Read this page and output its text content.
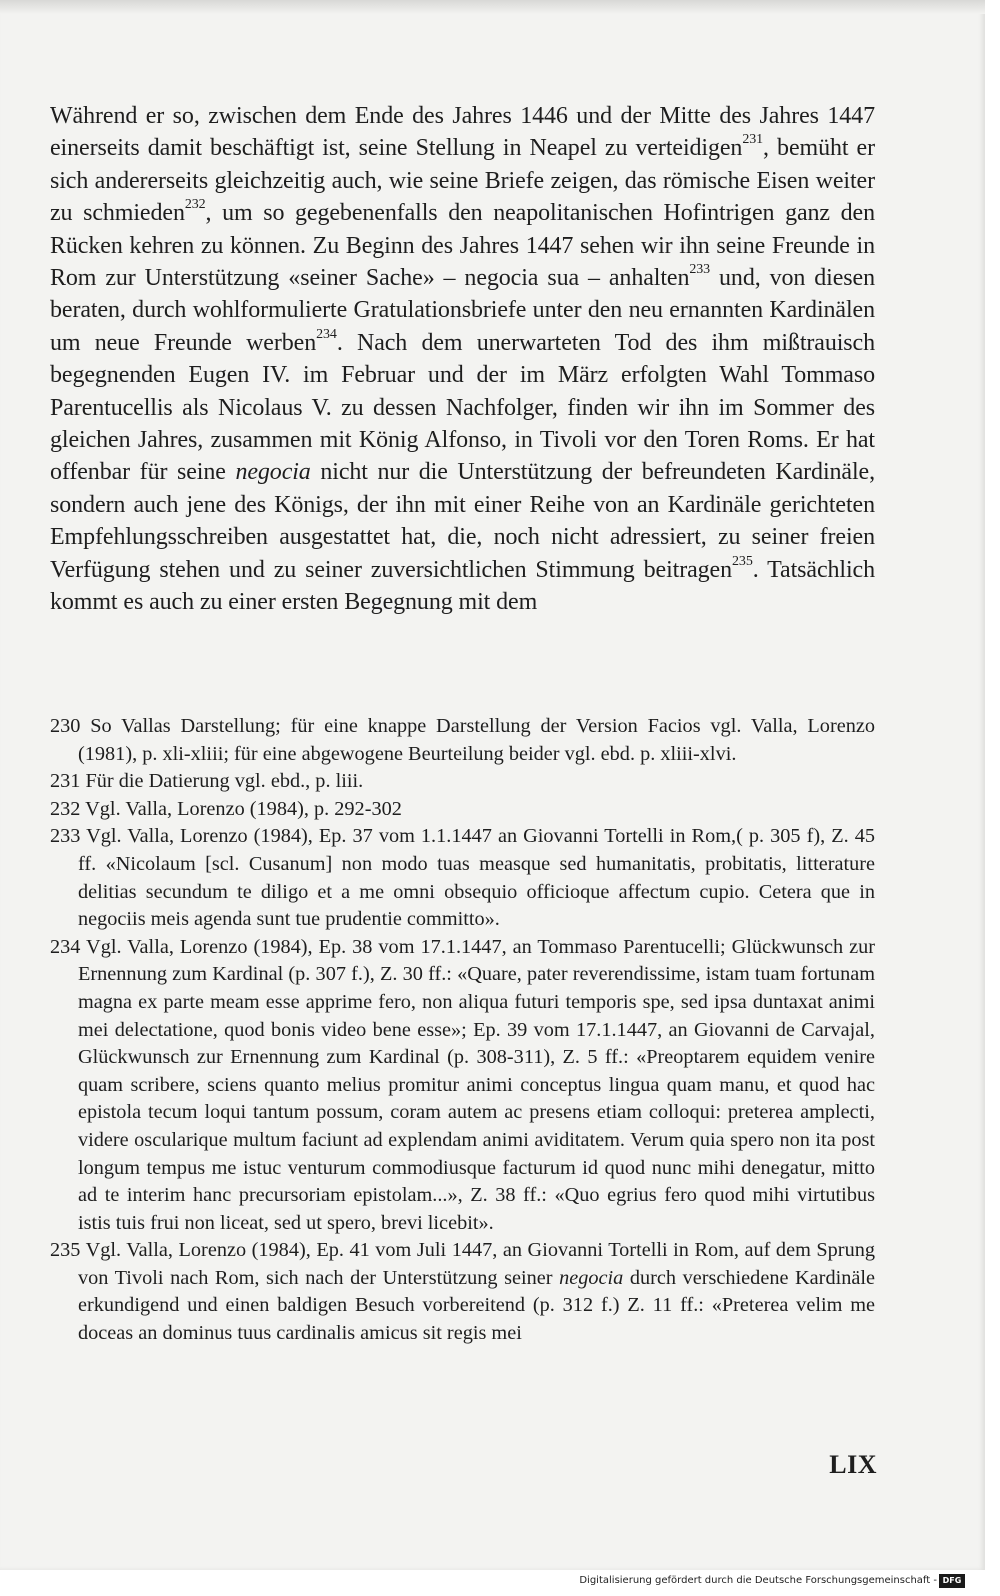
Während er so, zwischen dem Ende des Jahres 1446 und der Mitte des Jahres 1447 einerseits damit beschäftigt ist, seine Stellung in Neapel zu verteidigen$^{231}$, bemüht er sich andererseits gleichzeitig auch, wie seine Briefe zeigen, das römische Eisen weiter zu schmieden$^{232}$, um so gegebenenfalls den neapolitanischen Hofintrigen ganz den Rücken kehren zu können. Zu Beginn des Jahres 1447 sehen wir ihn seine Freunde in Rom zur Unterstützung «seiner Sache» – negocia sua – anhalten$^{233}$ und, von diesen beraten, durch wohlformulierte Gratulationsbriefe unter den neu ernannten Kardinälen um neue Freunde werben$^{234}$. Nach dem unerwarteten Tod des ihm mißtrauisch begegnenden Eugen IV. im Februar und der im März erfolgten Wahl Tommaso Parentucellis als Nicolaus V. zu dessen Nachfolger, finden wir ihn im Sommer des gleichen Jahres, zusammen mit König Alfonso, in Tivoli vor den Toren Roms. Er hat offenbar für seine negocia nicht nur die Unterstützung der befreundeten Kardinäle, sondern auch jene des Königs, der ihn mit einer Reihe von an Kardinäle gerichteten Empfehlungsschreiben ausgestattet hat, die, noch nicht adressiert, zu seiner freien Verfügung stehen und zu seiner zuversichtlichen Stimmung beitragen$^{235}$. Tatsächlich kommt es auch zu einer ersten Begegnung mit dem

230 So Vallas Darstellung; für eine knappe Darstellung der Version Facios vgl. Valla, Lorenzo (1981), p. xli-xliii; für eine abgewogene Beurteilung beider vgl. ebd. p. xliii-xlvi.

231 Für die Datierung vgl. ebd., p. liii.

232 Vgl. Valla, Lorenzo (1984), p. 292-302

233 Vgl. Valla, Lorenzo (1984), Ep. 37 vom 1.1.1447 an Giovanni Tortelli in Rom,( p. 305 f), Z. 45 ff. «Nicolaum [scl. Cusanum] non modo tuas measque sed humanitatis, probitatis, litterature delitias secundum te diligo et a me omni obsequio officioque affectum cupio. Cetera que in negociis meis agenda sunt tue prudentie committo».

234 Vgl. Valla, Lorenzo (1984), Ep. 38 vom 17.1.1447, an Tommaso Parentucelli; Glückwunsch zur Ernennung zum Kardinal (p. 307 f.), Z. 30 ff.: «Quare, pater reverendissime, istam tuam fortunam magna ex parte meam esse apprime fero, non aliqua futuri temporis spe, sed ipsa duntaxat animi mei delectatione, quod bonis video bene esse»; Ep. 39 vom 17.1.1447, an Giovanni de Carvajal, Glückwunsch zur Ernennung zum Kardinal (p. 308-311), Z. 5 ff.: «Preoptarem equidem venire quam scribere, sciens quanto melius promitur animi conceptus lingua quam manu, et quod hac epistola tecum loqui tantum possum, coram autem ac presens etiam colloqui: preterea amplecti, videre oscularique multum faciunt ad explendam animi aviditatem. Verum quia spero non ita post longum tempus me istuc venturum commodiusque facturum id quod nunc mihi denegatur, mitto ad te interim hanc precursoriam epistolam...», Z. 38 ff.: «Quo egrius fero quod mihi virtutibus istis tuis frui non liceat, sed ut spero, brevi licebit».

235 Vgl. Valla, Lorenzo (1984), Ep. 41 vom Juli 1447, an Giovanni Tortelli in Rom, auf dem Sprung von Tivoli nach Rom, sich nach der Unterstützung seiner negocia durch verschiedene Kardinäle erkundigend und einen baldigen Besuch vorbereitend (p. 312 f.) Z. 11 ff.: «Preterea velim me doceas an dominus tuus cardinalis amicus sit regis mei

LIX

Digitalisierung gefördert durch die Deutsche Forschungsgemeinschaft - DFG
